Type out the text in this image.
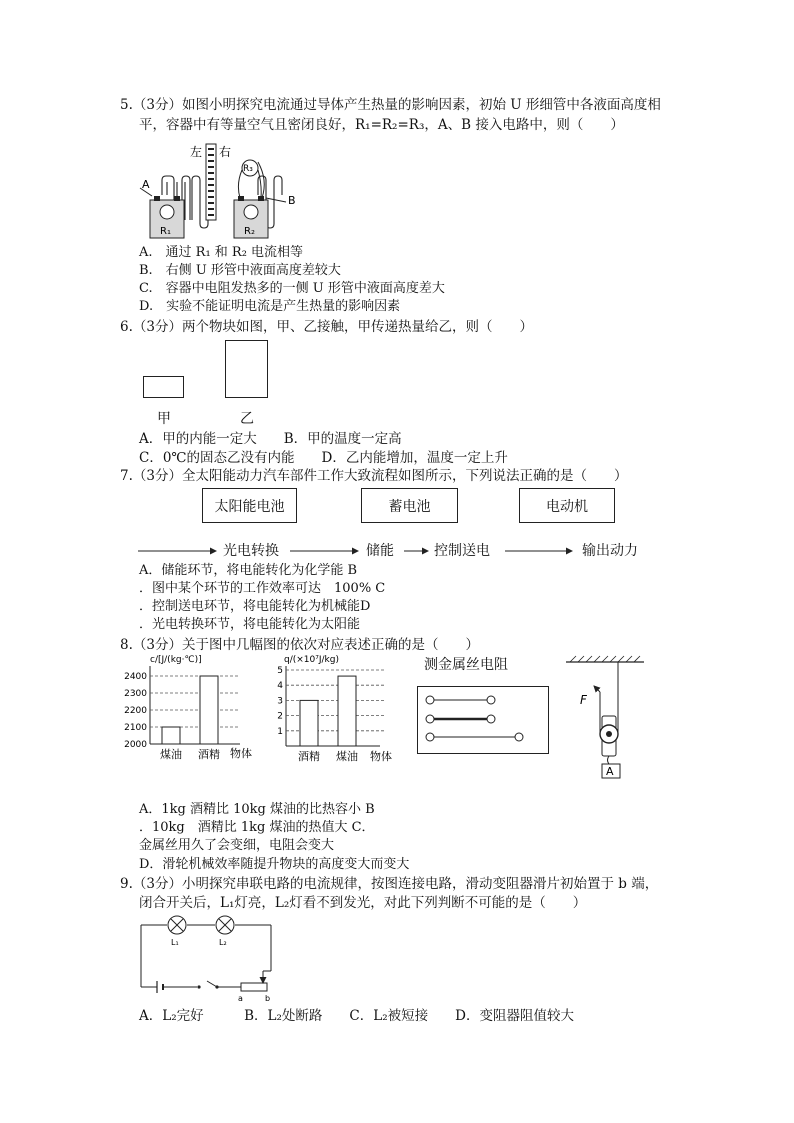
5.（3分）如图小明探究电流通过导体产生热量的影响因素，初始 U 形细管中各液面高度相
平，容器中有等量空气且密闭良好，R₁=R₂=R₃，A、B 接入电路中，则（　　）
左 右
R₁	R₂
R₃
A
B
A.　通过 R₁ 和 R₂ 电流相等
B.　右侧 U 形管中液面高度差较大
C.　容器中电阻发热多的一侧 U 形管中液面高度差大
D.　实验不能证明电流是产生热量的影响因素
6.（3分）两个物块如图，甲、乙接触，甲传递热量给乙，则（　　）
甲	乙
A．甲的内能一定大　　B．甲的温度一定高
C．0℃的固态乙没有内能　　D．乙内能增加，温度一定上升
7.（3分）全太阳能动力汽车部件工作大致流程如图所示，下列说法正确的是（　　）
太阳能电池	蓄电池	电动机
光电转换	储能	控制送电	输出动力
A．储能环节，将电能转化为化学能 B
．图中某个环节的工作效率可达　100% C
．控制送电环节，将电能转化为机械能D
．光电转换环节，将电能转化为太阳能
8.（3分）关于图中几幅图的依次对应表述正确的是（　　）
c/[J/(kg·℃)]
2000
2100
2200
2300
2400
煤油 酒精 物体
q/(×10⁷J/kg)
1
2
3
4
5
酒精 煤油 物体
测金属丝电阻
F
A
A．1kg 酒精比 10kg 煤油的比热容小 B
．10kg　酒精比 1kg 煤油的热值大 C．
金属丝用久了会变细，电阻会变大
D．滑轮机械效率随提升物块的高度变大而变大
9.（3分）小明探究串联电路的电流规律，按图连接电路，滑动变阻器滑片初始置于 b 端，
闭合开关后，L₁灯亮，L₂灯看不到发光，对此下列判断不可能的是（　　）
L₁	L₂
a	b
A．L₂完好　　　B．L₂处断路　　C．L₂被短接　　D．变阻器阻值较大
